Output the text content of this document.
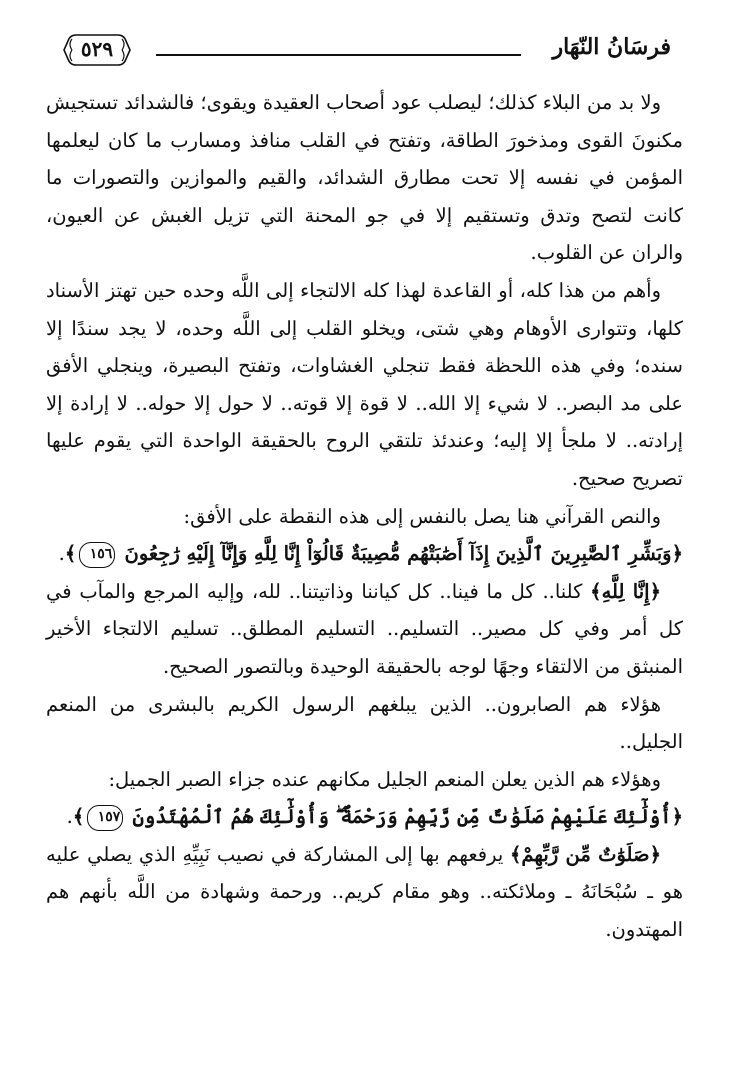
فرسَانُ النّهَار
٥٢٩

ولا بد من البلاء كذلك؛ ليصلب عود أصحاب العقيدة ويقوى؛ فالشدائد تستجيش مكنونَ القوى ومذخورَ الطاقة، وتفتح في القلب منافذ ومسارب ما كان ليعلمها المؤمن في نفسه إلا تحت مطارق الشدائد، والقيم والموازين والتصورات ما كانت لتصح وتدق وتستقيم إلا في جو المحنة التي تزيل الغبش عن العيون، والران عن القلوب.

وأهم من هذا كله، أو القاعدة لهذا كله الالتجاء إلى اللَّه وحده حين تهتز الأسناد كلها، وتتوارى الأوهام وهي شتى، ويخلو القلب إلى اللَّه وحده، لا يجد سندًا إلا سنده؛ وفي هذه اللحظة فقط تنجلي الغشاوات، وتفتح البصيرة، وينجلي الأفق على مد البصر.. لا شيء إلا الله.. لا قوة إلا قوته.. لا حول إلا حوله.. لا إرادة إلا إرادته.. لا ملجأ إلا إليه؛ وعندئذ تلتقي الروح بالحقيقة الواحدة التي يقوم عليها تصريح صحيح.

والنص القرآني هنا يصل بالنفس إلى هذه النقطة على الأفق:

﴿وَبَشِّرِ ٱلصَّٰبِرِينَ ٱلَّذِينَ إِذَآ أَصَٰبَتْهُم مُّصِيبَةٌ قَالُوٓاْ إِنَّا لِلَّهِ وَإِنَّآ إِلَيْهِ رَٰجِعُونَ ١٥٦﴾.

﴿إِنَّا لِلَّهِ﴾ كلنا.. كل ما فينا.. كل كياننا وذاتيتنا.. لله، وإليه المرجع والمآب في كل أمر وفي كل مصير.. التسليم.. التسليم المطلق.. تسليم الالتجاء الأخير المنبثق من الالتقاء وجهًا لوجه بالحقيقة الوحيدة وبالتصور الصحيح.

هؤلاء هم الصابرون.. الذين يبلغهم الرسول الكريم بالبشرى من المنعم الجليل..

وهؤلاء هم الذين يعلن المنعم الجليل مكانهم عنده جزاء الصبر الجميل:

﴿أُوْلَٰٓئِكَ عَلَيْهِمْ صَلَوَٰتٌ مِّن رَّبِّهِمْ وَرَحْمَةٌ ۖ وَأُوْلَٰٓئِكَ هُمُ ٱلْمُهْتَدُونَ ١٥٧﴾.

﴿صَلَوَٰتٌ مِّن رَّبِّهِمْ﴾ يرفعهم بها إلى المشاركة في نصيب نَبِيِّهِ الذي يصلي عليه هو ـ سُبْحَانَهُ ـ وملائكته.. وهو مقام كريم.. ورحمة وشهادة من اللَّه بأنهم هم المهتدون.
